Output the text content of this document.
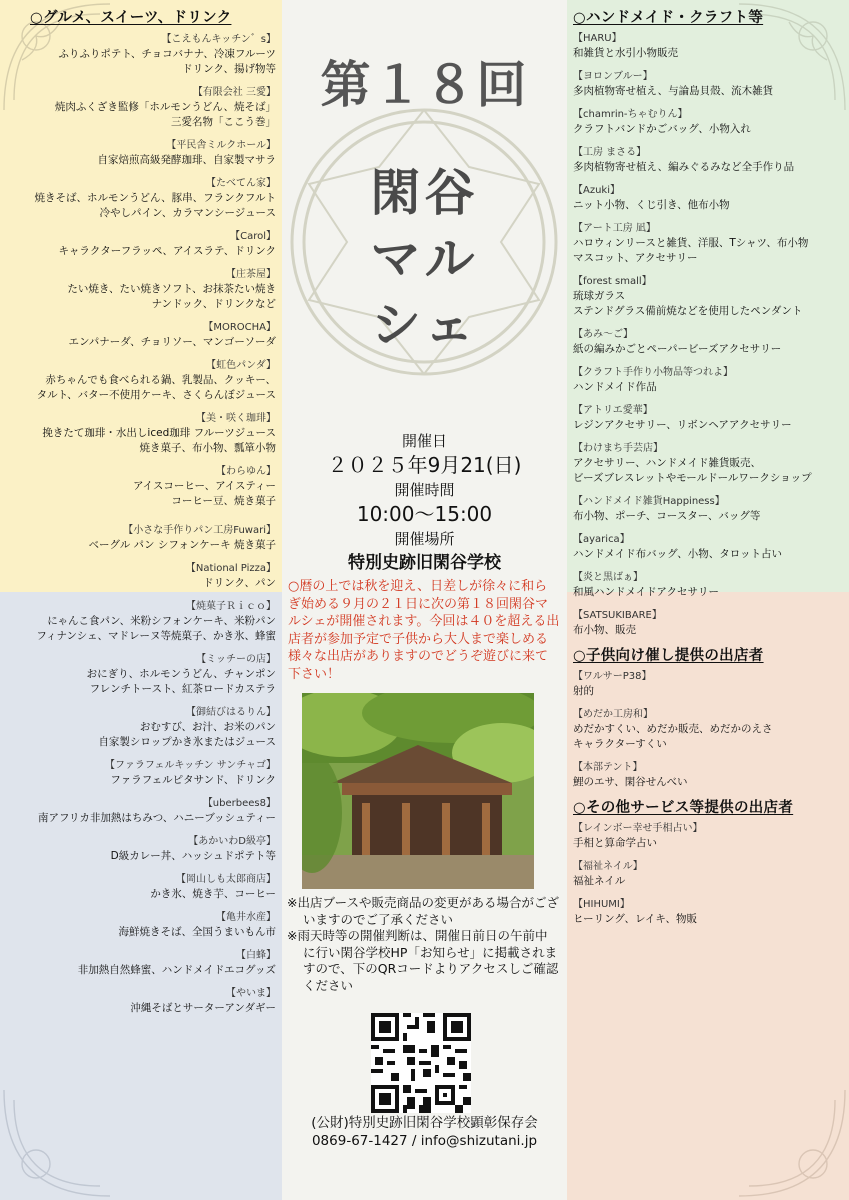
○グルメ、スイーツ、ドリンク
【こえもんキッチン゛s】
ふりふりポテト、チョコバナナ、冷凍フルーツ
ドリンク、揚げ物等
【有限会社 三愛】
焼肉ふくざき監修「ホルモンうどん、焼そば」
三愛名物「ここう巻」
【平民舎ミルクホール】
自家焙煎高級発酵珈琲、自家製マサラ
【たべてん家】
焼きそば、ホルモンうどん、豚串、フランクフルト
冷やしパイン、カラマンシージュース
【Carol】
キャラクターフラッペ、アイスラテ、ドリンク
【庄茶屋】
たい焼き、たい焼きソフト、お抹茶たい焼き
ナンドック、ドリンクなど
【MOROCHA】
エンパナーダ、チョリソー、マンゴーソーダ
【虹色パンダ】
赤ちゃんでも食べられる鍋、乳製品、クッキー、
タルト、バター不使用ケーキ、さくらんぼジュース
【美・咲く珈琲】
挽きたて珈琲・水出しiced珈琲 フルーツジュース
焼き菓子、布小物、瓢箪小物
【わらゆん】
アイスコーヒー、アイスティー
コーヒー豆、焼き菓子
【小さな手作りパン工房Fuwari】
ベーグル パン シフォンケーキ 焼き菓子
【National Pizza】
ドリンク、パン
【焼菓子Ｒｉｃｏ】
にゃんこ食パン、米粉シフォンケーキ、米粉パン
フィナンシェ、マドレーヌ等焼菓子、かき氷、蜂蜜
【ミッチーの店】
おにぎり、ホルモンうどん、チャンポン
フレンチトースト、紅茶ロードカステラ
【御結びはるりん】
おむすび、お汁、お米のパン
自家製シロップかき氷またはジュース
【ファラフェルキッチン サンチャゴ】
ファラフェルピタサンド、ドリンク
【uberbees8】
南アフリカ非加熱はちみつ、ハニーブッシュティー
【あかいわD級亭】
D級カレー丼、ハッシュドポテト等
【岡山しも太郎商店】
かき氷、焼き芋、コーヒー
【亀井水産】
海鮮焼きそば、全国うまいもん市
【白蜂】
非加熱自然蜂蜜、ハンドメイドエコグッズ
【やいま】
沖縄そばとサーターアンダギー
○ハンドメイド・クラフト等
【HARU】
和雑貨と水引小物販売
【ヨロンブルー】
多肉植物寄せ植え、与論島貝殻、流木雑貨
【chamrin-ちゃむりん】
クラフトバンドかごバッグ、小物入れ
【工房 まさる】
多肉植物寄せ植え、編みぐるみなど全手作り品
【Azuki】
ニット小物、くじ引き、他布小物
【アート工房 凪】
ハロウィンリースと雑貨、洋服、Tシャツ、布小物
マスコット、アクセサリー
【forest small】
琉球ガラス
ステンドグラス備前焼などを使用したペンダント
【あみ～ご】
紙の編みかごとペーパービーズアクセサリー
【クラフト手作り小物品等つれよ】
ハンドメイド作品
【アトリエ愛華】
レジンアクセサリー、リボンヘアアクセサリー
【わけまち手芸店】
アクセサリー、ハンドメイド雑貨販売、
ビーズブレスレットやモールドールワークショップ
【ハンドメイド雑貨Happiness】
布小物、ポーチ、コースター、バッグ等
【ayarica】
ハンドメイド布バッグ、小物、タロット占い
【炎と黒ばぁ】
和風ハンドメイドアクセサリー
【SATSUKIBARE】
布小物、販売
○子供向け催し提供の出店者
【ワルサーP38】
射的
【めだか工房和】
めだかすくい、めだか販売、めだかのえさ
キャラクターすくい
【本部テント】
鯉のエサ、閑谷せんべい
○その他サービス等提供の出店者
【レインボー幸せ手相占い】
手相と算命学占い
【福祉ネイル】
福祉ネイル
【HIHUMI】
ヒーリング、レイキ、物販
第１８回
閑谷
マル
シェ
開催日
２０２５年9月21(日)
開催時間
10:00～15:00
開催場所
特別史跡旧閑谷学校
○暦の上では秋を迎え、日差しが徐々に和らぎ始める９月の２１日に次の第１８回閑谷マルシェが開催されます。今回は４０を超える出店者が参加予定で子供から大人まで楽しめる様々な出店がありますのでどうぞ遊びに来て下さい！

※出店ブースや販売商品の変更がある場合がございますのでご了承ください

※雨天時等の開催判断は、開催日前日の午前中に行い閑谷学校HP「お知らせ」に掲載されますので、下のQRコードよりアクセスしご確認ください

(公財)特別史跡旧閑谷学校顕彰保存会
0869-67-1427 / info@shizutani.jp
